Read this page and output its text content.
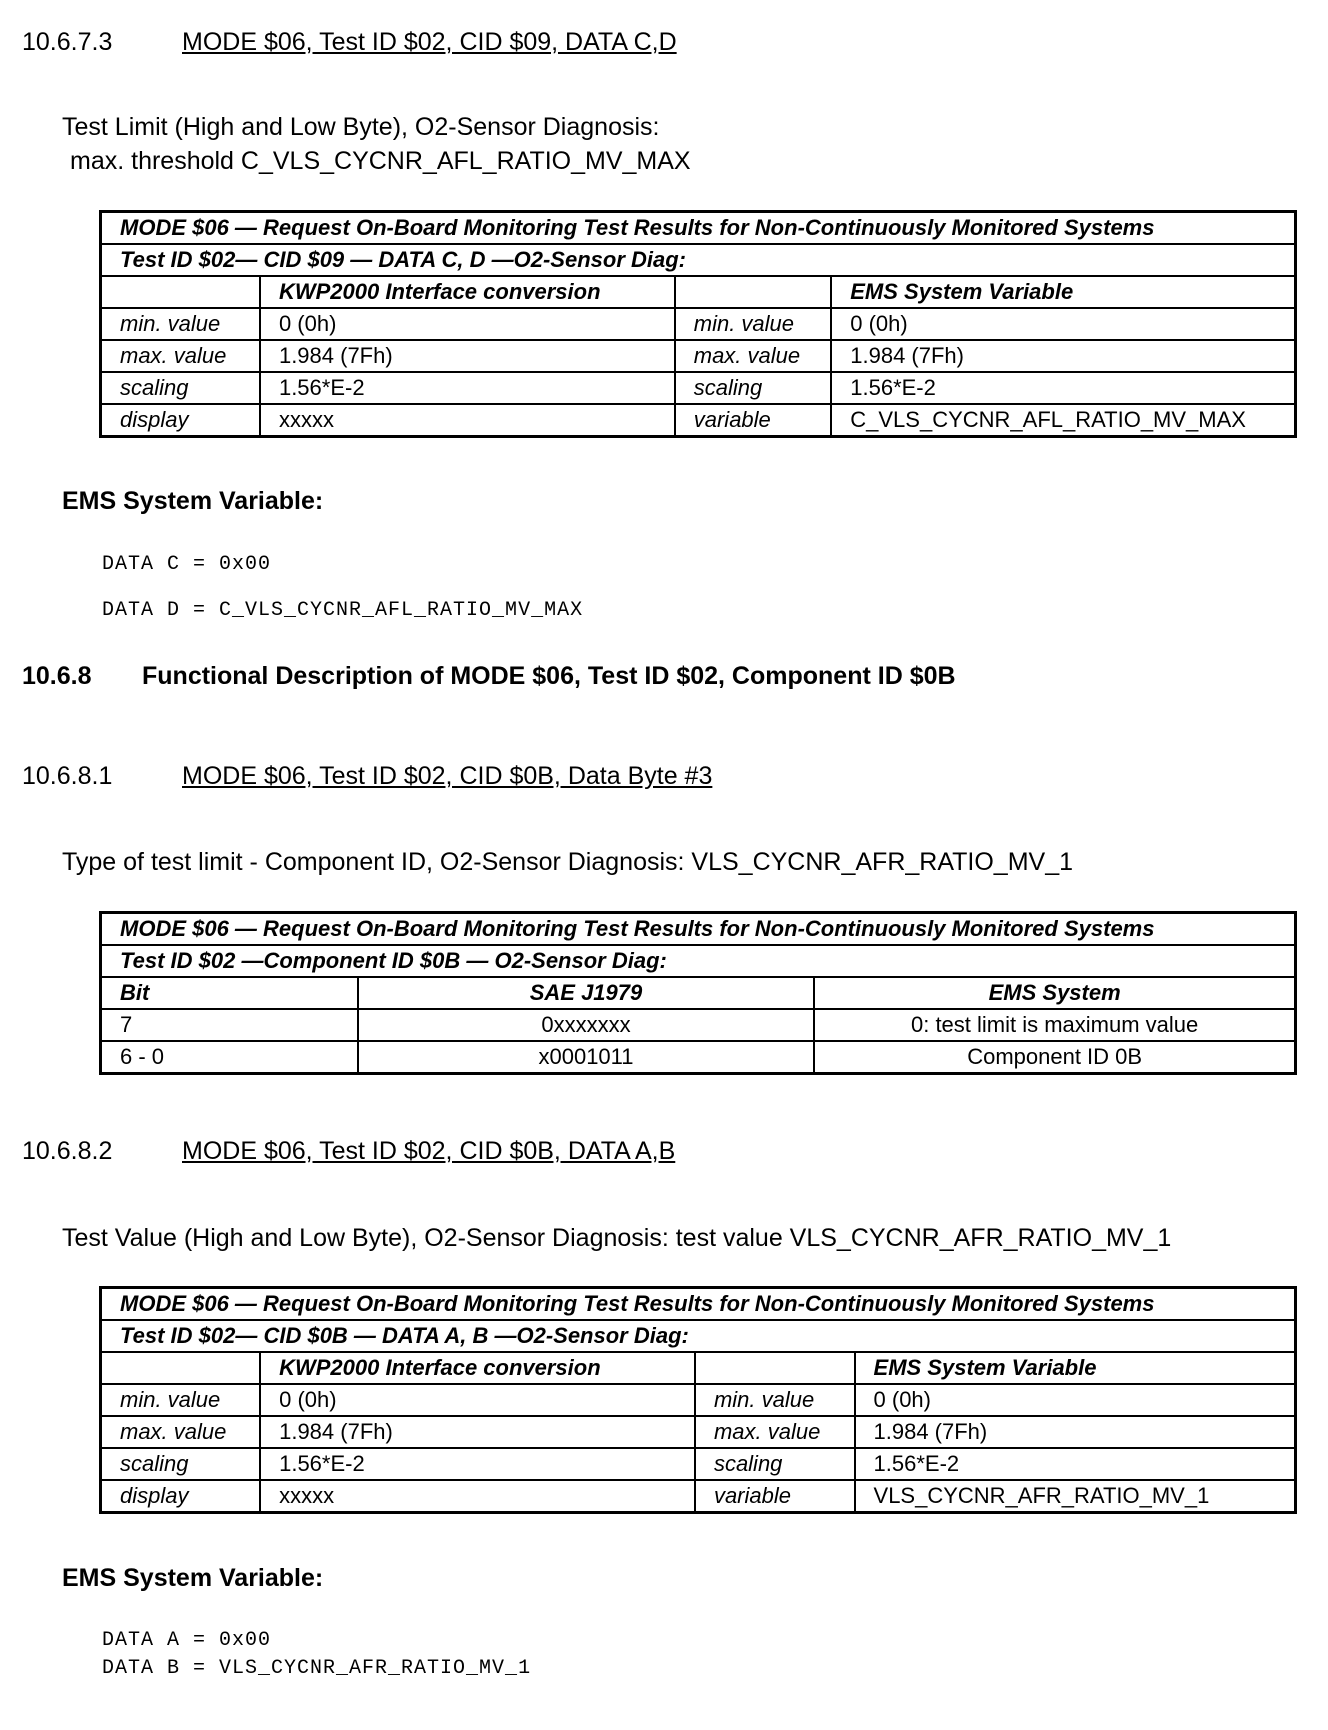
10.6.7.3	MODE $06, Test ID $02, CID $09, DATA C,D
Test Limit (High and Low Byte), O2-Sensor Diagnosis:
max. threshold C_VLS_CYCNR_AFL_RATIO_MV_MAX
MODE $06 — Request On-Board Monitoring Test Results for Non-Continuously Monitored Systems			
Test ID $02— CID $09 — DATA C, D —O2-Sensor Diag:			
	KWP2000 Interface conversion		EMS System Variable
min. value	0 (0h)	min. value	0 (0h)
max. value	1.984 (7Fh)	max. value	1.984 (7Fh)
scaling	1.56*E-2	scaling	1.56*E-2
display	xxxxx	variable	C_VLS_CYCNR_AFL_RATIO_MV_MAX
EMS System Variable:
DATA C = 0x00
DATA D = C_VLS_CYCNR_AFL_RATIO_MV_MAX
10.6.8 Functional Description of MODE $06, Test ID $02, Component ID $0B
10.6.8.1	MODE $06, Test ID $02, CID $0B, Data Byte #3
Type of test limit - Component ID, O2-Sensor Diagnosis: VLS_CYCNR_AFR_RATIO_MV_1
MODE $06 — Request On-Board Monitoring Test Results for Non-Continuously Monitored Systems		
Test ID $02 —Component ID $0B — O2-Sensor Diag:		
Bit	SAE J1979	EMS System
7	0xxxxxxx	0: test limit is maximum value
6 - 0	x0001011	Component ID 0B
10.6.8.2	MODE $06, Test ID $02, CID $0B, DATA A,B
Test Value (High and Low Byte), O2-Sensor Diagnosis: test value VLS_CYCNR_AFR_RATIO_MV_1
MODE $06 — Request On-Board Monitoring Test Results for Non-Continuously Monitored Systems			
Test ID $02— CID $0B — DATA A, B —O2-Sensor Diag:			
	KWP2000 Interface conversion		EMS System Variable
min. value	0 (0h)	min. value	0 (0h)
max. value	1.984 (7Fh)	max. value	1.984 (7Fh)
scaling	1.56*E-2	scaling	1.56*E-2
display	xxxxx	variable	VLS_CYCNR_AFR_RATIO_MV_1
EMS System Variable:
DATA A = 0x00
DATA B = VLS_CYCNR_AFR_RATIO_MV_1
